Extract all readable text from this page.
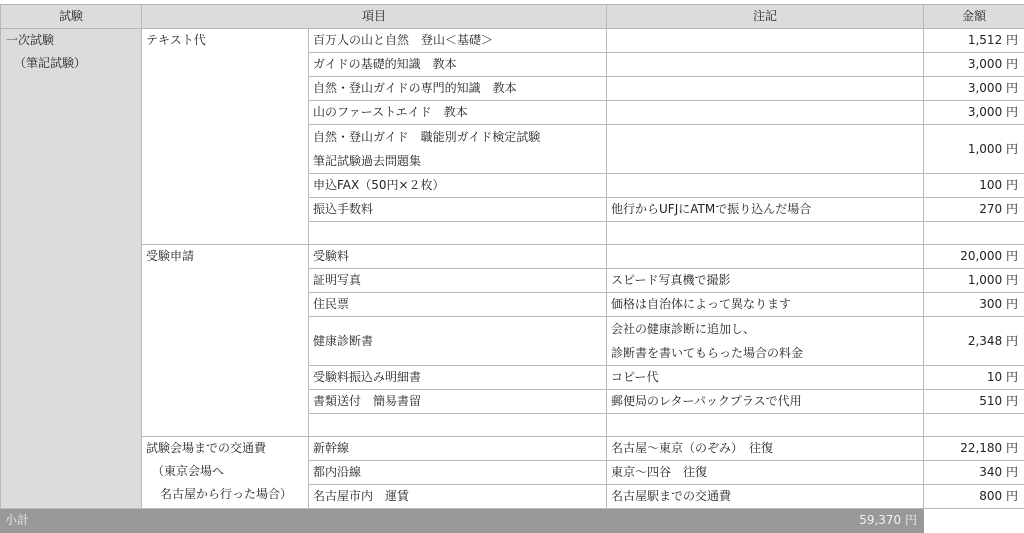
試験	項目		注記	金額

一次試験
（筆記試験）	テキスト代	百万人の山と自然　登山＜基礎＞		1,512 円
		ガイドの基礎的知識　教本		3,000 円
		自然・登山ガイドの専門的知識　教本		3,000 円
		山のファーストエイド　教本		3,000 円

		自然・登山ガイド　職能別ガイド検定試験
筆記試験過去問題集		1,000 円
		申込FAX（50円×２枚）		100 円
		振込手数料	他行からUFJにATMで振り込んだ場合	270 円

	受験申請	受験料		20,000 円
		証明写真	スピード写真機で撮影	1,000 円
		住民票	価格は自治体によって異なります	300 円
		健康診断書	会社の健康診断に追加し、
診断書を書いてもらった場合の料金	2,348 円
		受験料振込み明細書	コピー代	10 円
		書類送付　簡易書留	郵便局のレターパックプラスで代用	510 円

	試験会場までの交通費
（東京会場へ
名古屋から行った場合）	新幹線	名古屋〜東京（のぞみ）　往復	22,180 円
		都内沿線	東京〜四谷　往復	340 円
		名古屋市内　運賃	名古屋駅までの交通費	800 円
小計			59,370 円	
